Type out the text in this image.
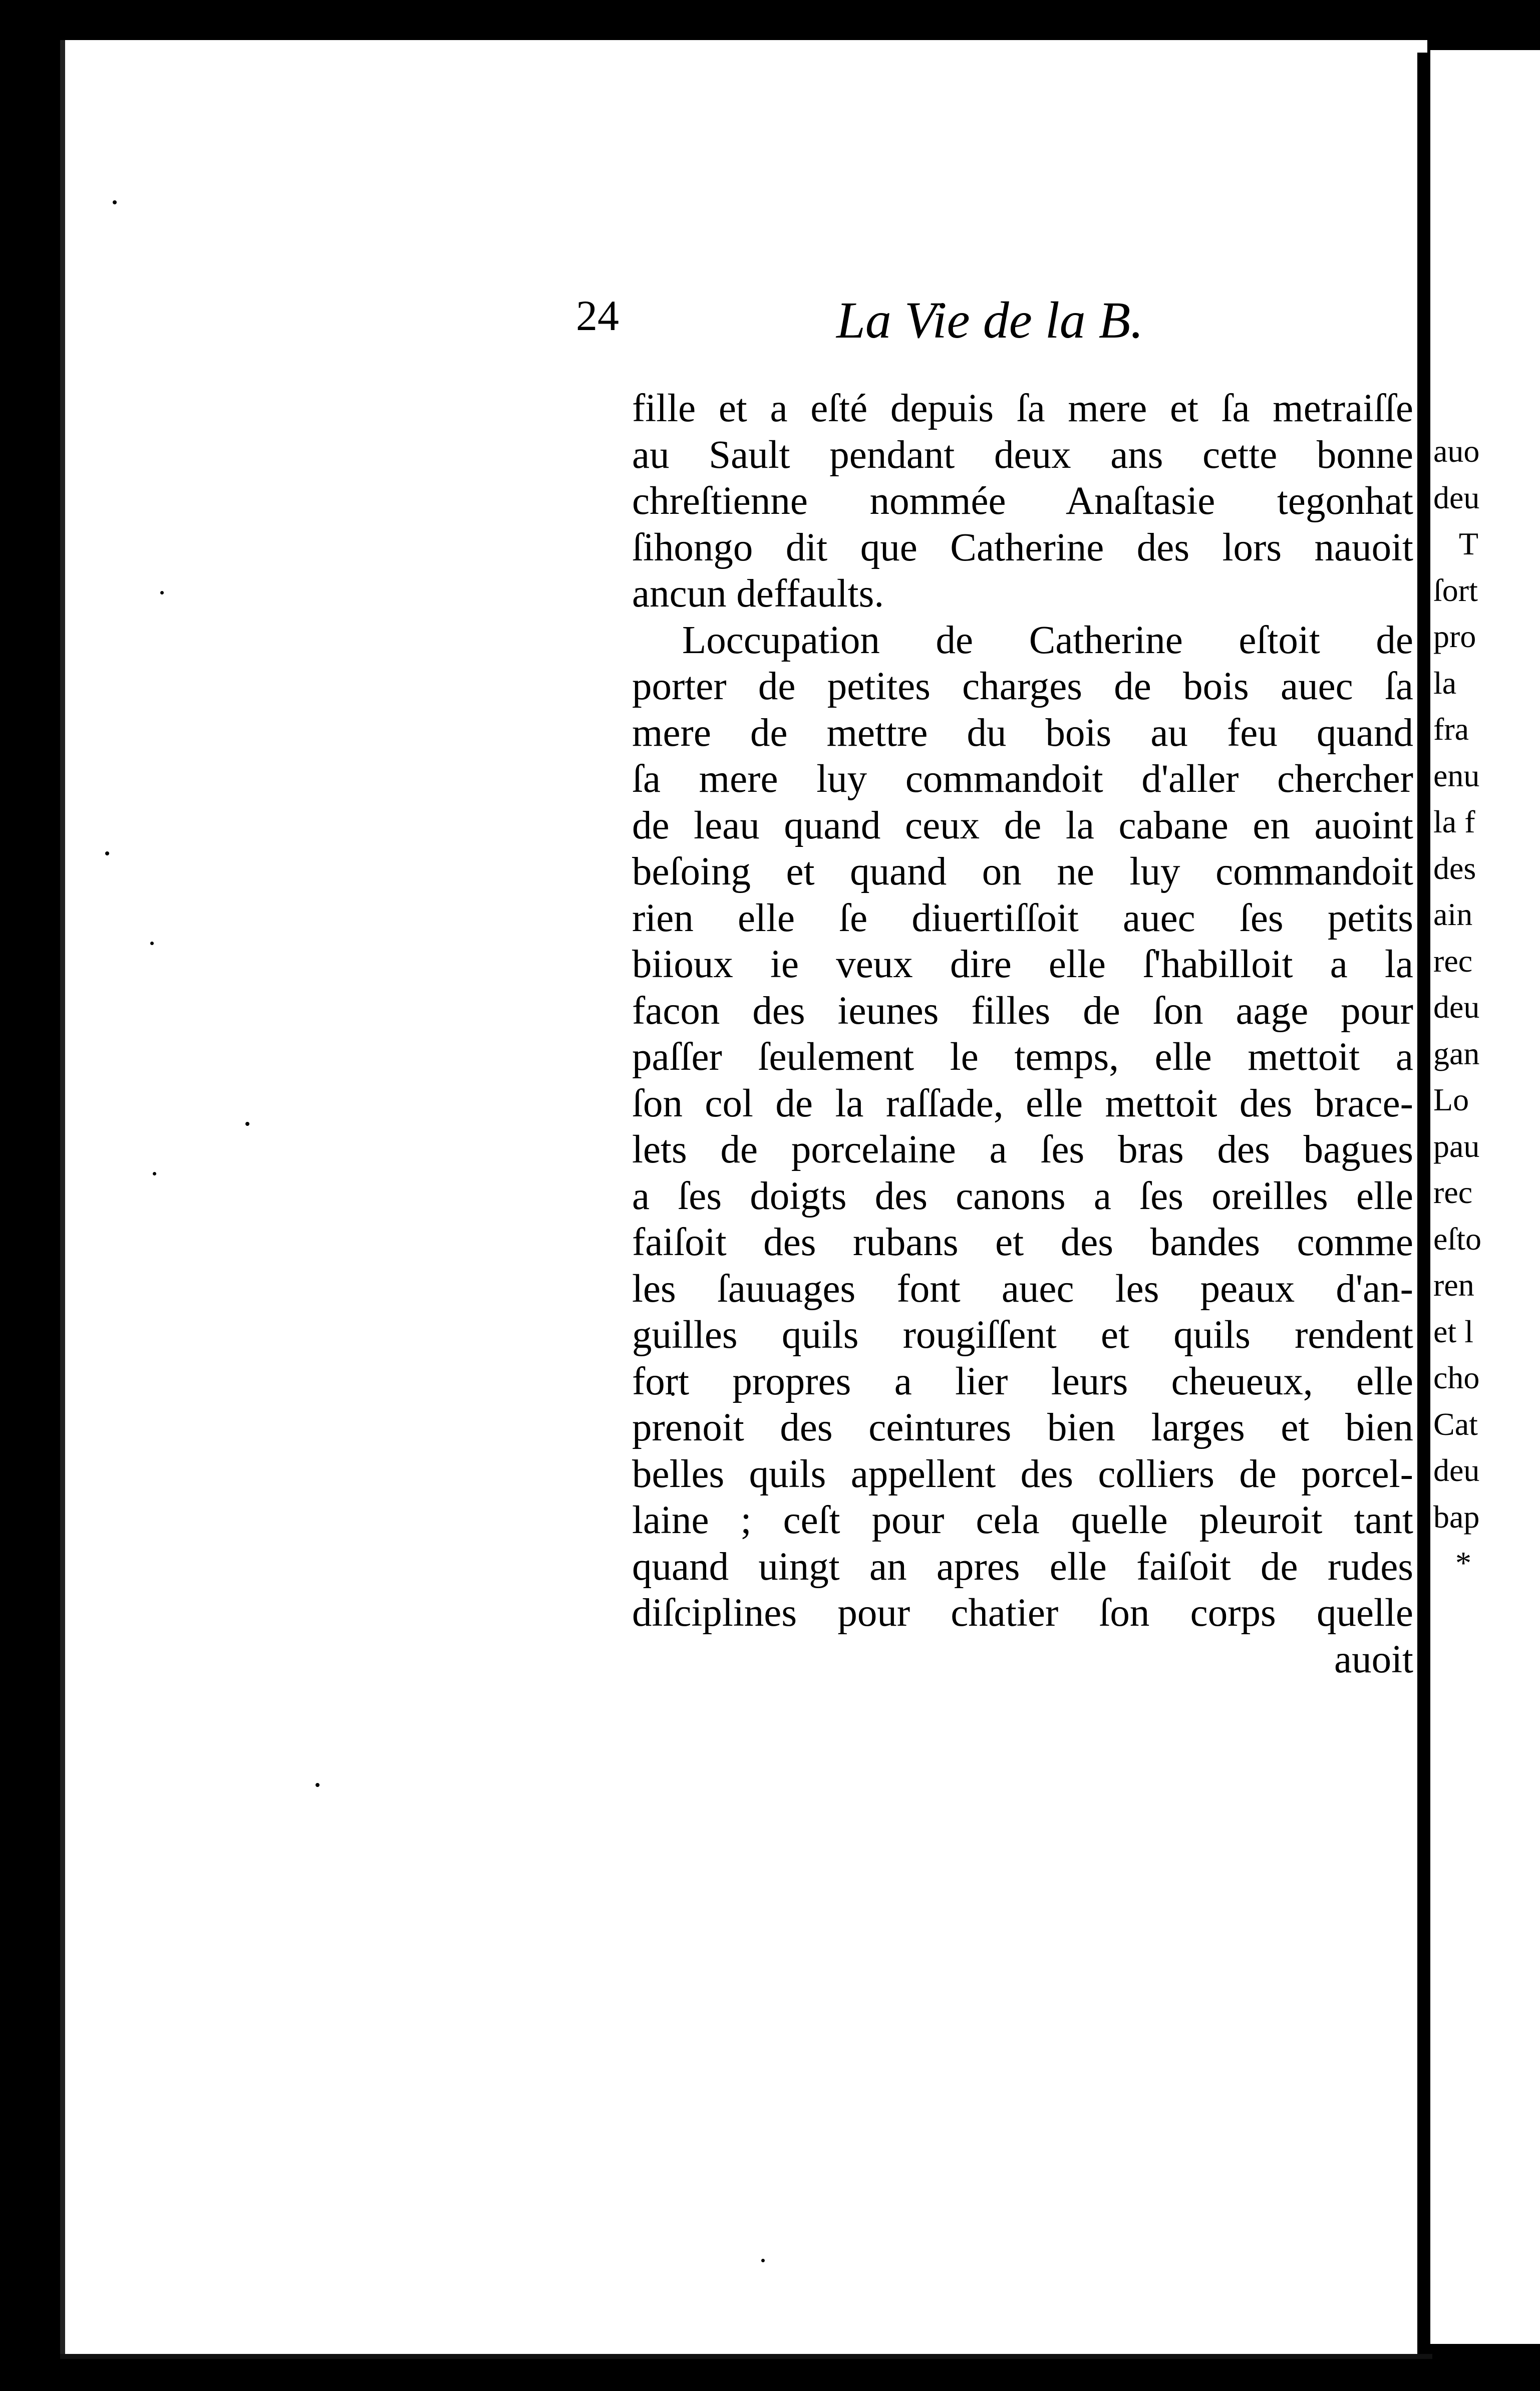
24	La Vie de la B.
fille et a eſté depuis ſa mere et ſa metraiſſe
au Sault pendant deux ans cette bonne
chreſtienne nommée Anaſtasie tegonhat
ſihongo dit que Catherine des lors nauoit
ancun deffaults.
Loccupation de Catherine eſtoit de
porter de petites charges de bois auec ſa
mere de mettre du bois au feu quand
ſa mere luy commandoit d'aller chercher
de leau quand ceux de la cabane en auoint
beſoing et quand on ne luy commandoit
rien elle ſe diuertiſſoit auec ſes petits
biioux ie veux dire elle ſ'habilloit a la
facon des ieunes filles de ſon aage pour
paſſer ſeulement le temps, elle mettoit a
ſon col de la raſſade, elle mettoit des brace-
lets de porcelaine a ſes bras des bagues
a ſes doigts des canons a ſes oreilles elle
faiſoit des rubans et des bandes comme
les ſauuages font auec les peaux d'an-
guilles quils rougiſſent et quils rendent
fort propres a lier leurs cheueux, elle
prenoit des ceintures bien larges et bien
belles quils appellent des colliers de porcel-
laine ; ceſt pour cela quelle pleuroit tant
quand uingt an apres elle faiſoit de rudes
diſciplines pour chatier ſon corps quelle
auoit
auo
deu
T
ſort
pro
la
fra
enu
la f
des
ain
rec
deu
gan
Lo
pau
rec
eſto
ren
et l
cho
Cat
deu
bap
*
